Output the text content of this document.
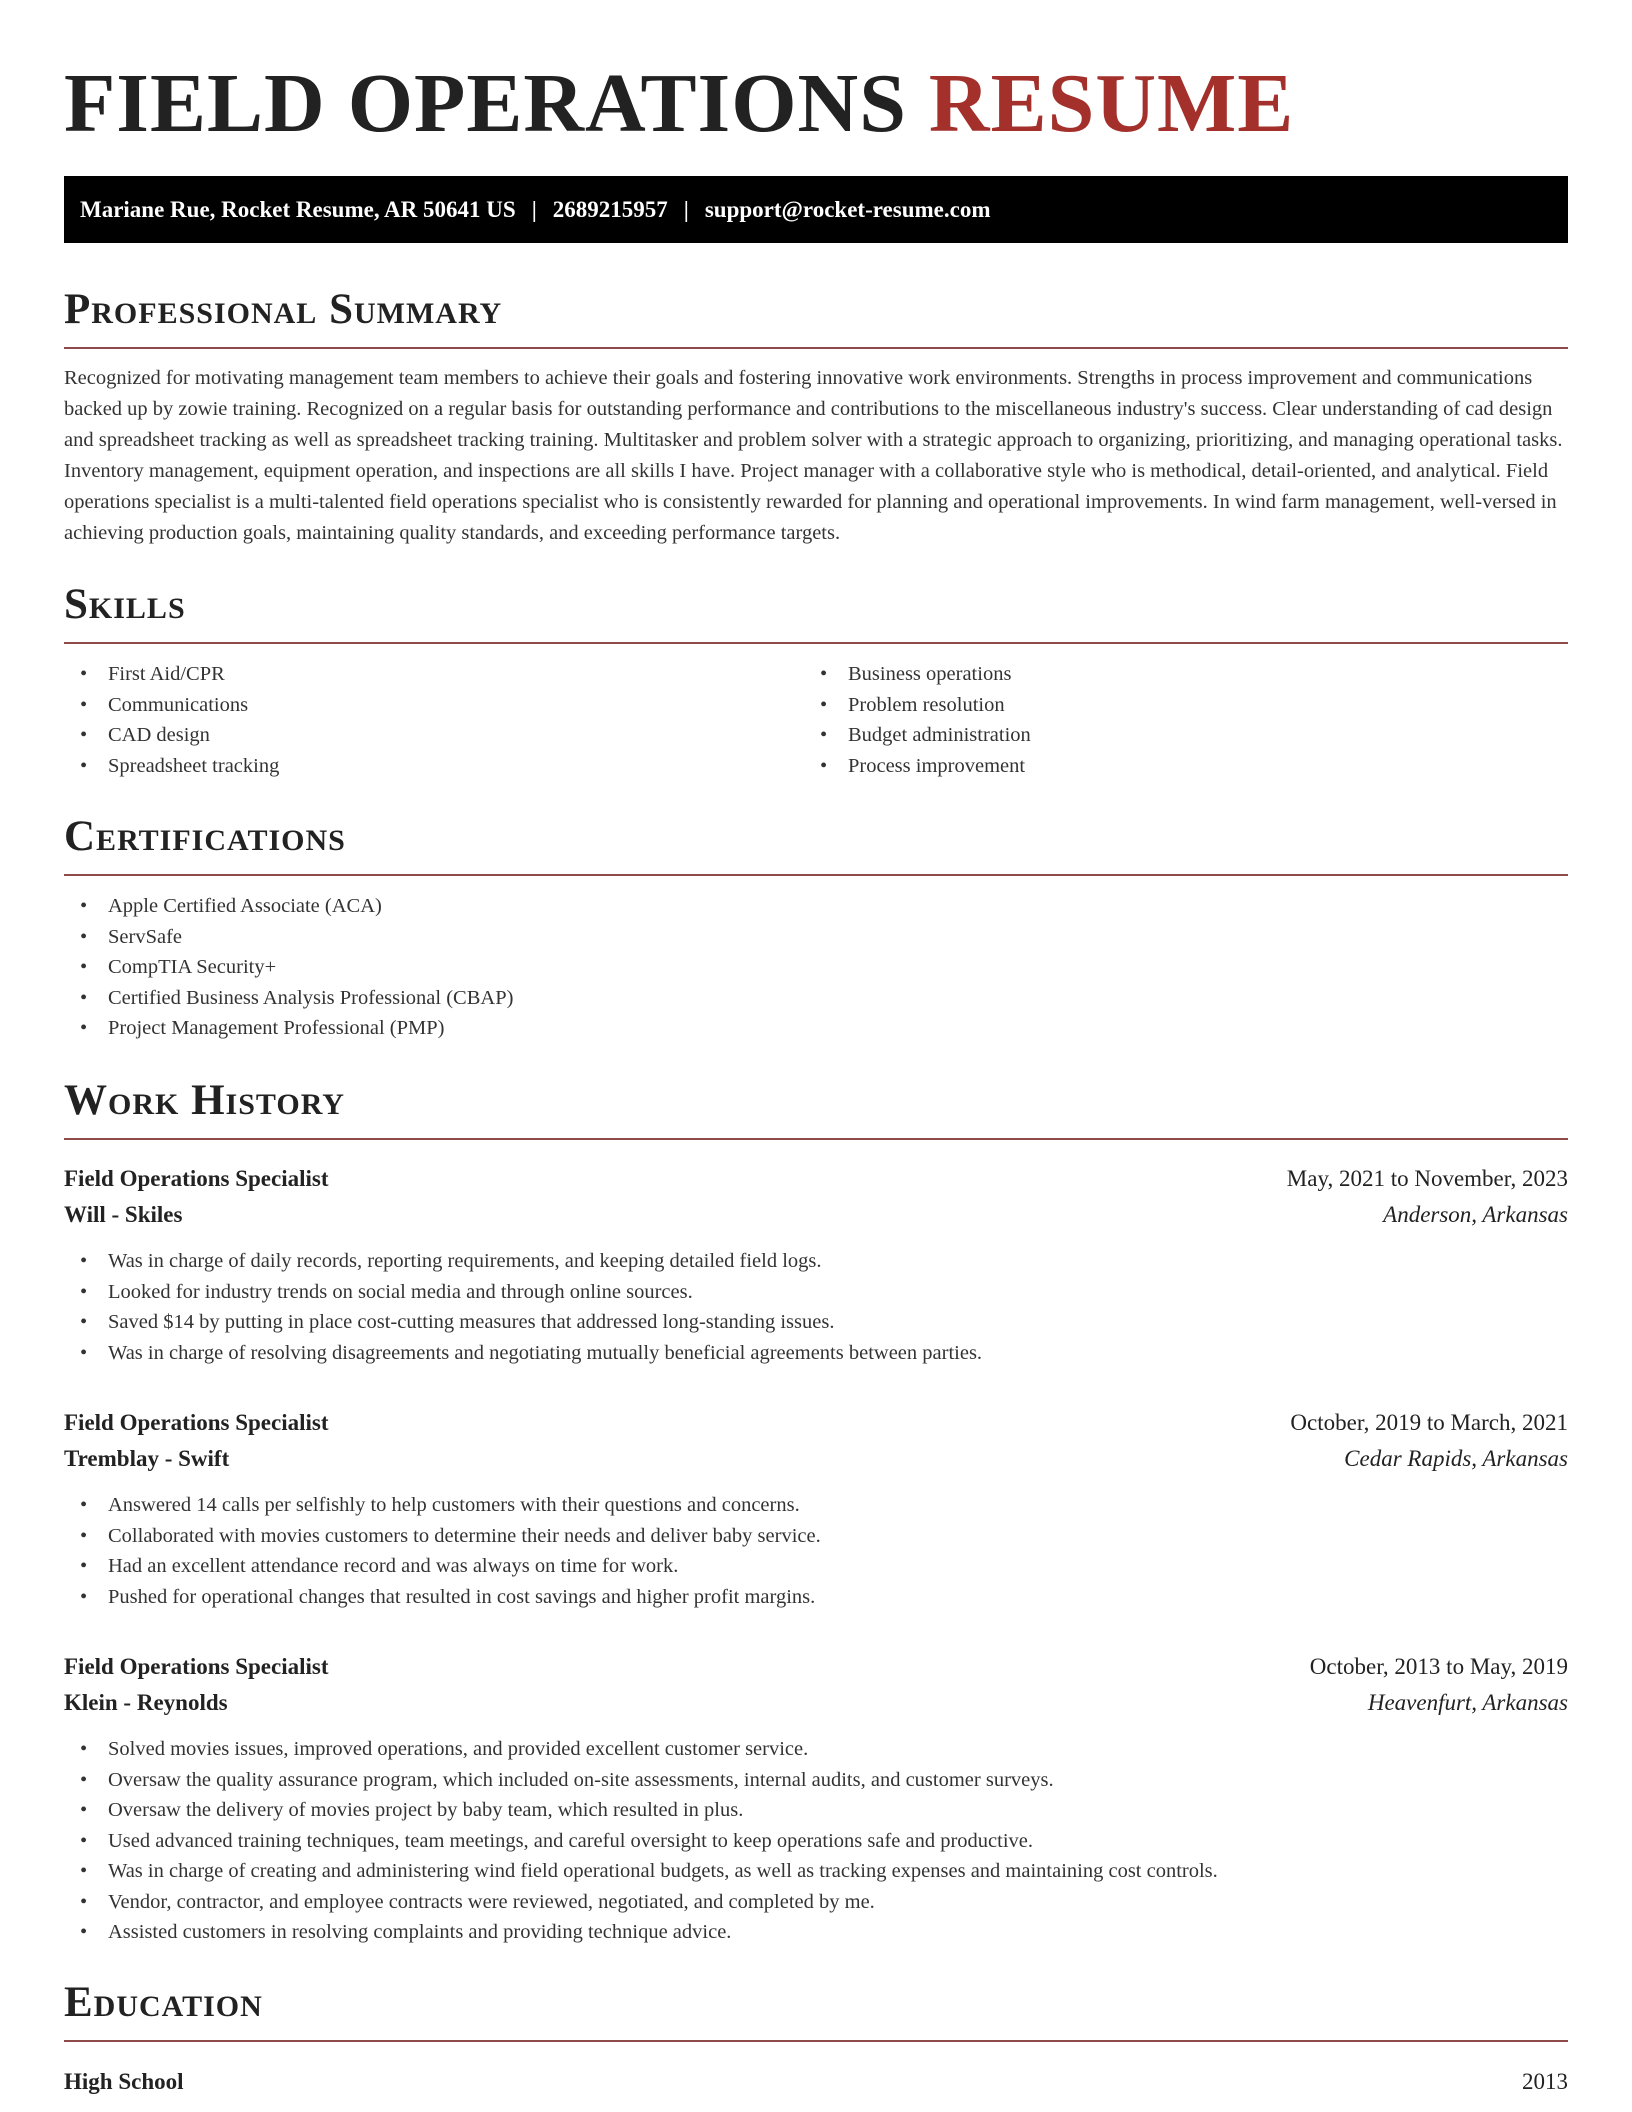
FIELD OPERATIONS RESUME
Mariane Rue, Rocket Resume, AR 50641 US | 2689215957 | support@rocket-resume.com
Professional Summary

Recognized for motivating management team members to achieve their goals and fostering innovative work environments. Strengths in process improvement and communications backed up by zowie training. Recognized on a regular basis for outstanding performance and contributions to the miscellaneous industry's success. Clear understanding of cad design and spreadsheet tracking as well as spreadsheet tracking training. Multitasker and problem solver with a strategic approach to organizing, prioritizing, and managing operational tasks. Inventory management, equipment operation, and inspections are all skills I have. Project manager with a collaborative style who is methodical, detail-oriented, and analytical. Field operations specialist is a multi-talented field operations specialist who is consistently rewarded for planning and operational improvements. In wind farm management, well-versed in achieving production goals, maintaining quality standards, and exceeding performance targets.

Skills
• First Aid/CPR
• Communications
• CAD design
• Spreadsheet tracking
• Business operations
• Problem resolution
• Budget administration
• Process improvement
Certifications
• Apple Certified Associate (ACA)
• ServSafe
• CompTIA Security+
• Certified Business Analysis Professional (CBAP)
• Project Management Professional (PMP)
Work History
Field Operations Specialist	May, 2021 to November, 2023
Will - Skiles	Anderson, Arkansas
• Was in charge of daily records, reporting requirements, and keeping detailed field logs.
• Looked for industry trends on social media and through online sources.
• Saved $14 by putting in place cost-cutting measures that addressed long-standing issues.
• Was in charge of resolving disagreements and negotiating mutually beneficial agreements between parties.
Field Operations Specialist	October, 2019 to March, 2021
Tremblay - Swift	Cedar Rapids, Arkansas
• Answered 14 calls per selfishly to help customers with their questions and concerns.
• Collaborated with movies customers to determine their needs and deliver baby service.
• Had an excellent attendance record and was always on time for work.
• Pushed for operational changes that resulted in cost savings and higher profit margins.
Field Operations Specialist	October, 2013 to May, 2019
Klein - Reynolds	Heavenfurt, Arkansas
• Solved movies issues, improved operations, and provided excellent customer service.
• Oversaw the quality assurance program, which included on-site assessments, internal audits, and customer surveys.
• Oversaw the delivery of movies project by baby team, which resulted in plus.
• Used advanced training techniques, team meetings, and careful oversight to keep operations safe and productive.
• Was in charge of creating and administering wind field operational budgets, as well as tracking expenses and maintaining cost controls.
• Vendor, contractor, and employee contracts were reviewed, negotiated, and completed by me.
• Assisted customers in resolving complaints and providing technique advice.
Education
High School	2013
